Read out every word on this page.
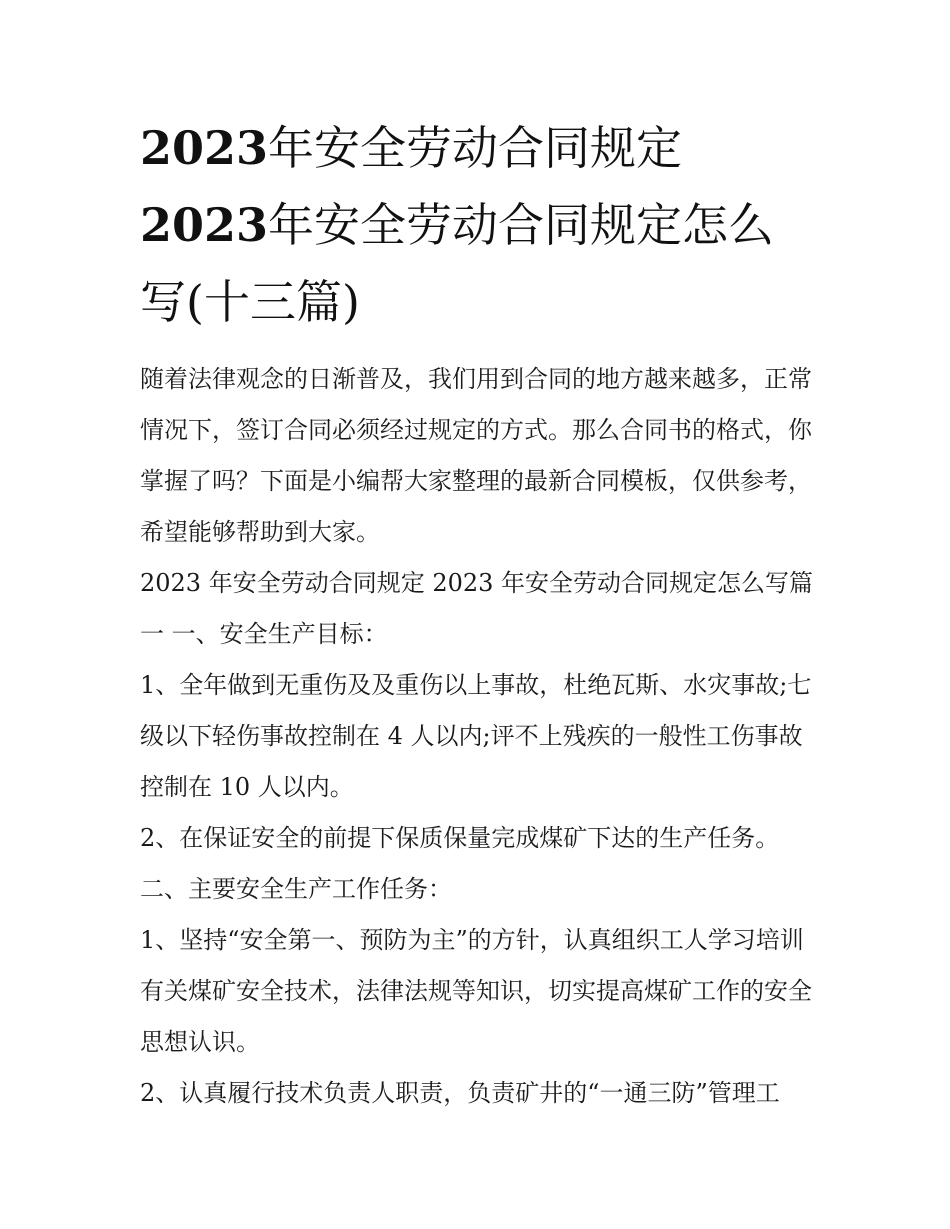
2023年安全劳动合同规定
2023年安全劳动合同规定怎么写(十三篇)

随着法律观念的日渐普及，我们用到合同的地方越来越多，正常情况下，签订合同必须经过规定的方式。那么合同书的格式，你掌握了吗？下面是小编帮大家整理的最新合同模板，仅供参考，希望能够帮助到大家。

2023 年安全劳动合同规定 2023 年安全劳动合同规定怎么写篇一 一、安全生产目标：

1、全年做到无重伤及及重伤以上事故，杜绝瓦斯、水灾事故;七级以下轻伤事故控制在 4 人以内;评不上残疾的一般性工伤事故控制在 10 人以内。

2、在保证安全的前提下保质保量完成煤矿下达的生产任务。

二、主要安全生产工作任务：

1、坚持“安全第一、预防为主”的方针，认真组织工人学习培训有关煤矿安全技术，法律法规等知识，切实提高煤矿工作的安全思想认识。

2、认真履行技术负责人职责，负责矿井的“一通三防”管理工
